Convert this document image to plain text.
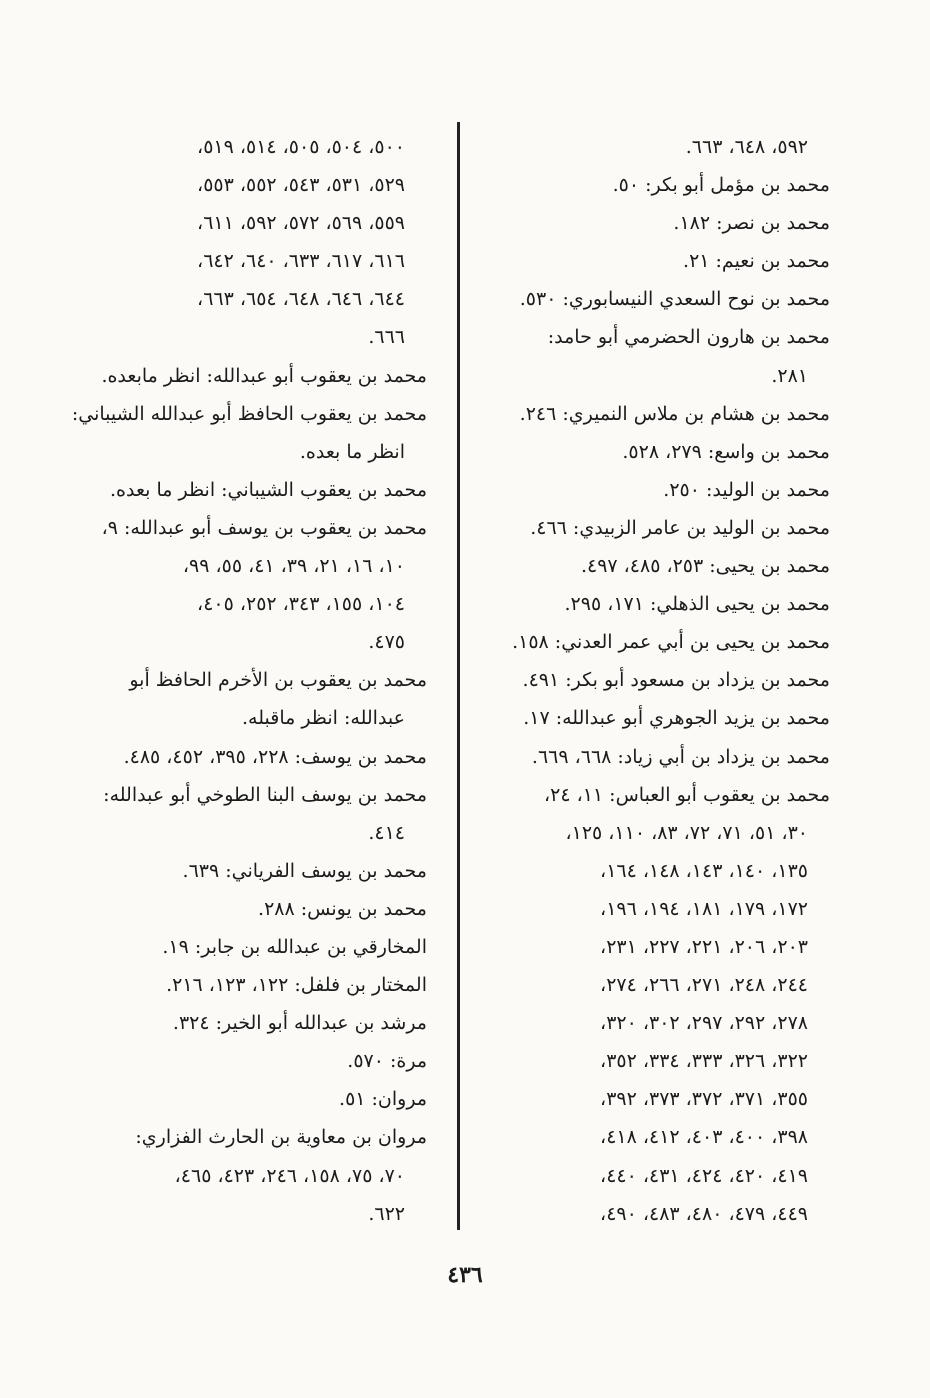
٥٩٢، ٦٤٨، ٦٦٣.
محمد بن مؤمل أبو بكر: ٥٠.
محمد بن نصر: ١٨٢.
محمد بن نعيم: ٢١.
محمد بن نوح السعدي النيسابوري: ٥٣٠.
محمد بن هارون الحضرمي أبو حامد:
٢٨١.
محمد بن هشام بن ملاس النميري: ٢٤٦.
محمد بن واسع: ٢٧٩، ٥٢٨.
محمد بن الوليد: ٢٥٠.
محمد بن الوليد بن عامر الزبيدي: ٤٦٦.
محمد بن يحيى: ٢٥٣، ٤٨٥، ٤٩٧.
محمد بن يحيى الذهلي: ١٧١، ٢٩٥.
محمد بن يحيى بن أبي عمر العدني: ١٥٨.
محمد بن يزداد بن مسعود أبو بكر: ٤٩١.
محمد بن يزيد الجوهري أبو عبدالله: ١٧.
محمد بن يزداد بن أبي زياد: ٦٦٨، ٦٦٩.
محمد بن يعقوب أبو العباس: ١١، ٢٤،
٣٠، ٥١، ٧١، ٧٢، ٨٣، ١١٠، ١٢٥،
١٣٥، ١٤٠، ١٤٣، ١٤٨، ١٦٤،
١٧٢، ١٧٩، ١٨١، ١٩٤، ١٩٦،
٢٠٣، ٢٠٦، ٢٢١، ٢٢٧، ٢٣١،
٢٤٤، ٢٤٨، ٢٧١، ٢٦٦، ٢٧٤،
٢٧٨، ٢٩٢، ٢٩٧، ٣٠٢، ٣٢٠،
٣٢٢، ٣٢٦، ٣٣٣، ٣٣٤، ٣٥٢،
٣٥٥، ٣٧١، ٣٧٢، ٣٧٣، ٣٩٢،
٣٩٨، ٤٠٠، ٤٠٣، ٤١٢، ٤١٨،
٤١٩، ٤٢٠، ٤٢٤، ٤٣١، ٤٤٠،
٤٤٩، ٤٧٩، ٤٨٠، ٤٨٣، ٤٩٠،
٥٠٠، ٥٠٤، ٥٠٥، ٥١٤، ٥١٩،
٥٢٩، ٥٣١، ٥٤٣، ٥٥٢، ٥٥٣،
٥٥٩، ٥٦٩، ٥٧٢، ٥٩٢، ٦١١،
٦١٦، ٦١٧، ٦٣٣، ٦٤٠، ٦٤٢،
٦٤٤، ٦٤٦، ٦٤٨، ٦٥٤، ٦٦٣،
٦٦٦.
محمد بن يعقوب أبو عبدالله: انظر مابعده.
محمد بن يعقوب الحافظ أبو عبدالله الشيباني:
انظر ما بعده.
محمد بن يعقوب الشيباني: انظر ما بعده.
محمد بن يعقوب بن يوسف أبو عبدالله: ٩،
١٠، ١٦، ٢١، ٣٩، ٤١، ٥٥، ٩٩،
١٠٤، ١٥٥، ٣٤٣، ٢٥٢، ٤٠٥،
٤٧٥.
محمد بن يعقوب بن الأخرم الحافظ أبو
عبدالله: انظر ماقبله.
محمد بن يوسف: ٢٢٨، ٣٩٥، ٤٥٢، ٤٨٥.
محمد بن يوسف البنا الطوخي أبو عبدالله:
٤١٤.
محمد بن يوسف الفرياني: ٦٣٩.
محمد بن يونس: ٢٨٨.
المخارقي بن عبدالله بن جابر: ١٩.
المختار بن فلفل: ١٢٢، ١٢٣، ٢١٦.
مرشد بن عبدالله أبو الخير: ٣٢٤.
مرة: ٥٧٠.
مروان: ٥١.
مروان بن معاوية بن الحارث الفزاري:
٧٠، ٧٥، ١٥٨، ٢٤٦، ٤٢٣، ٤٦٥،
٦٢٢.
٤٣٦
